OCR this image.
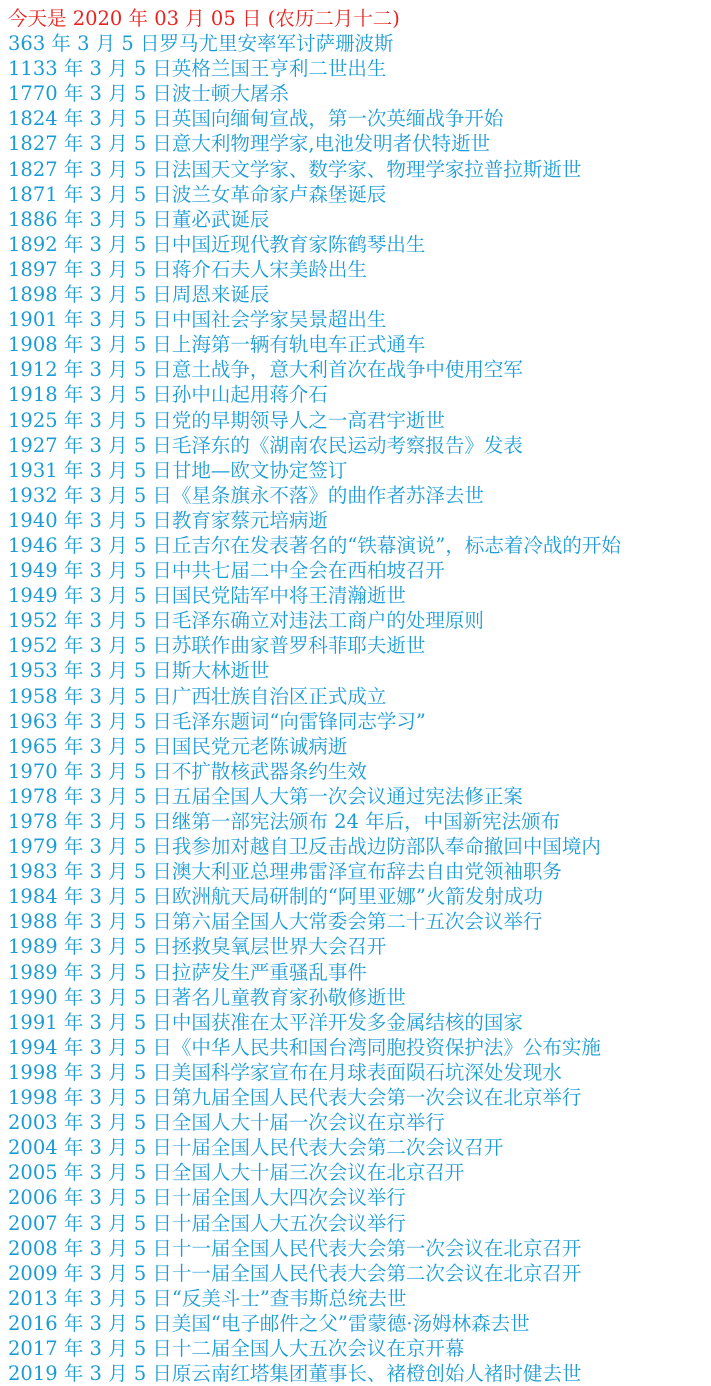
今天是 2020 年 03 月 05 日 (农历二月十二)
363 年 3 月 5 日罗马尤里安率军讨萨珊波斯
1133 年 3 月 5 日英格兰国王亨利二世出生
1770 年 3 月 5 日波士顿大屠杀
1824 年 3 月 5 日英国向缅甸宣战，第一次英缅战争开始
1827 年 3 月 5 日意大利物理学家,电池发明者伏特逝世
1827 年 3 月 5 日法国天文学家、数学家、物理学家拉普拉斯逝世
1871 年 3 月 5 日波兰女革命家卢森堡诞辰
1886 年 3 月 5 日董必武诞辰
1892 年 3 月 5 日中国近现代教育家陈鹤琴出生
1897 年 3 月 5 日蒋介石夫人宋美龄出生
1898 年 3 月 5 日周恩来诞辰
1901 年 3 月 5 日中国社会学家吴景超出生
1908 年 3 月 5 日上海第一辆有轨电车正式通车
1912 年 3 月 5 日意土战争，意大利首次在战争中使用空军
1918 年 3 月 5 日孙中山起用蒋介石
1925 年 3 月 5 日党的早期领导人之一高君宇逝世
1927 年 3 月 5 日毛泽东的《湖南农民运动考察报告》发表
1931 年 3 月 5 日甘地—欧文协定签订
1932 年 3 月 5 日《星条旗永不落》的曲作者苏泽去世
1940 年 3 月 5 日教育家蔡元培病逝
1946 年 3 月 5 日丘吉尔在发表著名的“铁幕演说”，标志着冷战的开始
1949 年 3 月 5 日中共七届二中全会在西柏坡召开
1949 年 3 月 5 日国民党陆军中将王清瀚逝世
1952 年 3 月 5 日毛泽东确立对违法工商户的处理原则
1952 年 3 月 5 日苏联作曲家普罗科菲耶夫逝世
1953 年 3 月 5 日斯大林逝世
1958 年 3 月 5 日广西壮族自治区正式成立
1963 年 3 月 5 日毛泽东题词“向雷锋同志学习”
1965 年 3 月 5 日国民党元老陈诚病逝
1970 年 3 月 5 日不扩散核武器条约生效
1978 年 3 月 5 日五届全国人大第一次会议通过宪法修正案
1978 年 3 月 5 日继第一部宪法颁布 24 年后，中国新宪法颁布
1979 年 3 月 5 日我参加对越自卫反击战边防部队奉命撤回中国境内
1983 年 3 月 5 日澳大利亚总理弗雷泽宣布辞去自由党领袖职务
1984 年 3 月 5 日欧洲航天局研制的“阿里亚娜”火箭发射成功
1988 年 3 月 5 日第六届全国人大常委会第二十五次会议举行
1989 年 3 月 5 日拯救臭氧层世界大会召开
1989 年 3 月 5 日拉萨发生严重骚乱事件
1990 年 3 月 5 日著名儿童教育家孙敬修逝世
1991 年 3 月 5 日中国获准在太平洋开发多金属结核的国家
1994 年 3 月 5 日《中华人民共和国台湾同胞投资保护法》公布实施
1998 年 3 月 5 日美国科学家宣布在月球表面陨石坑深处发现水
1998 年 3 月 5 日第九届全国人民代表大会第一次会议在北京举行
2003 年 3 月 5 日全国人大十届一次会议在京举行
2004 年 3 月 5 日十届全国人民代表大会第二次会议召开
2005 年 3 月 5 日全国人大十届三次会议在北京召开
2006 年 3 月 5 日十届全国人大四次会议举行
2007 年 3 月 5 日十届全国人大五次会议举行
2008 年 3 月 5 日十一届全国人民代表大会第一次会议在北京召开
2009 年 3 月 5 日十一届全国人民代表大会第二次会议在北京召开
2013 年 3 月 5 日“反美斗士”查韦斯总统去世
2016 年 3 月 5 日美国“电子邮件之父”雷蒙德·汤姆林森去世
2017 年 3 月 5 日十二届全国人大五次会议在京开幕
2019 年 3 月 5 日原云南红塔集团董事长、褚橙创始人褚时健去世
